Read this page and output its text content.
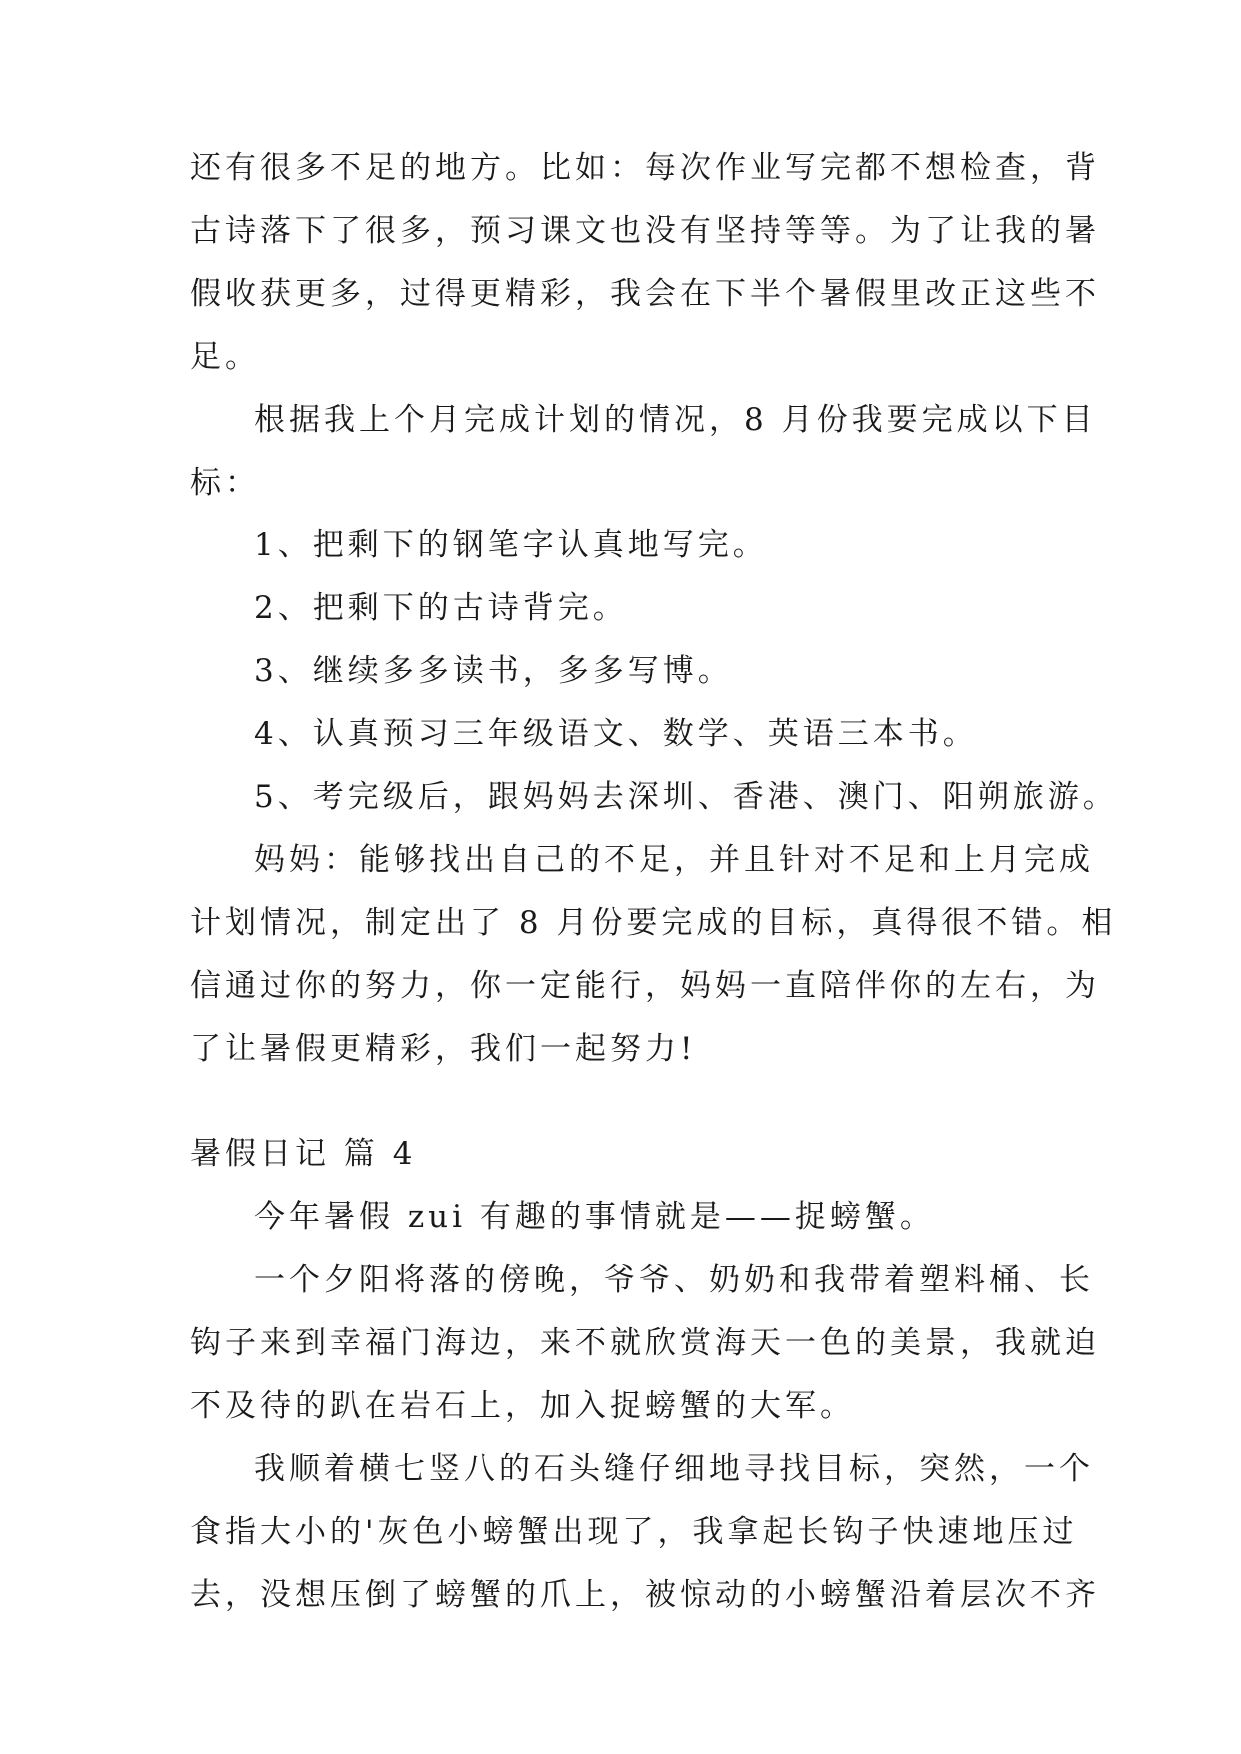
还有很多不足的地方。比如：每次作业写完都不想检查，背
古诗落下了很多，预习课文也没有坚持等等。为了让我的暑
假收获更多，过得更精彩，我会在下半个暑假里改正这些不
足。
根据我上个月完成计划的情况，8 月份我要完成以下目
标：
1、把剩下的钢笔字认真地写完。
2、把剩下的古诗背完。
3、继续多多读书，多多写博。
4、认真预习三年级语文、数学、英语三本书。
5、考完级后，跟妈妈去深圳、香港、澳门、阳朔旅游。
妈妈：能够找出自己的不足，并且针对不足和上月完成
计划情况，制定出了 8 月份要完成的目标，真得很不错。相
信通过你的努力，你一定能行，妈妈一直陪伴你的左右，为
了让暑假更精彩，我们一起努力!
暑假日记 篇 4
今年暑假 zui 有趣的事情就是——捉螃蟹。
一个夕阳将落的傍晚，爷爷、奶奶和我带着塑料桶、长
钩子来到幸福门海边，来不就欣赏海天一色的美景，我就迫
不及待的趴在岩石上，加入捉螃蟹的大军。
我顺着横七竖八的石头缝仔细地寻找目标，突然，一个
食指大小的'灰色小螃蟹出现了，我拿起长钩子快速地压过
去，没想压倒了螃蟹的爪上，被惊动的小螃蟹沿着层次不齐
